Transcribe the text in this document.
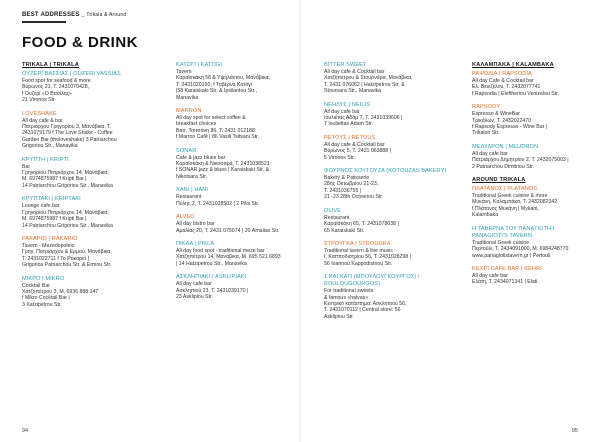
BEST ADDRESSES _ Trikala & Around
FOOD & DRINK
TRIKALA | TRIKALA
ΟΥΖΕΡΙ ΒΑΣΣΙΑΣ | OUZERI VASSIAS
Food spot for seafood & more
Βύρωνος 21, Τ. 2431070428,
f Ουζερί «Ο Βασίλης»
21 Vironos Str.
LOVESHAKE
All day cafe & bar
Πατριάρχου Γρηγορίου 3, Μανάβικα, Τ.
2431079179 f The Love Shake - Coffee
Garden Bar (theloveshake) 3 Patriarchou
Grigoriou Str., Manavika
ΚΡΥΠΤΗ | KRIPTI
Bar
Γρηγορίου Πατριάρχου 14, Μανάβικα,
Μ. 6974875987 f Kripti Bar |
14 Patriarchou Grigoriou Str., Manavika
ΚΡΥΠΤΑΚΙ | KRIPTAKI
Lounge cafe bar
Γρηγορίου Πατριάρχου 14, Μανάβικα,
Μ. 6974875987 f Kripti Bar |
14 Patriarchou Grigoriou Str., Manavika
ΡΑΚΑΡΙΟ | RAKARIO
Tavern - Mezedopoleio
Γρηγ. Πατριάρχου & Ερμού, Μανάβικα,
Τ. 2431022711 f Το Ρακαριό |
Grigoriou Patriarchou Str. & Ermou Str.
ΜΙΚΡΟ | MIKRO
Cocktail Bar
Χατζηπέτρου 3, Μ. 6936 888 147
f Mikro Cocktail Bar |
3 Xatzipetrou Str.
ΚΑΤΟΓΙ | KATOGI
Tavern
Καραϊσκάκη 58 & Υψηλάντου, Μανάβικα,
Τ. 2431020150, f Ταβέρνα Κατόγι
|58 Karaiskaki Str. & Ipsilantou Str.,
Manavika
MARRON
All day spot for select coffee &
breakfast choices
Βασ. Τσιτσάνη 86, Τ. 2431 012188
f Marron Café | 86 Vasili Tsitsani Str.
SONAR
Cafe & jazz blues bar
Καραϊσκάκη & Νικοσαρά, Τ. 2431038521
f SONAR jazz & blues | Karaiskaki Str. &
Nikotsara Str.
ΧΑΝΙ | HANI
Restaurant
Πύλης 2, Τ. 2431028502 | 2 Pilis Str.
ALVEO
All day bistro bar
Αμαλίας 20, Τ. 2431 075074 | 20 Amalias Str.
ΠΙΚΛΑ | PIKLA
All day food spot - traditional meze bar
Χατζηπέτρου 14, Μανάβικα, Μ. 695 521 6893
| 14 Hatzipetrou Str., Manavika
ΑΣΚΛΗΠΙΑΚΙ | ASKLIPIAKI
All day cafe bar
Ασκληπιού 23, Τ. 2431039170 |
23 Asklipiou Str.
BITTER SWEET
All day cafe & Cocktail bar
Χατζηπέτρου & Στουρνάρα, Μανάβικα,
Τ. 2431 076062 | Hatzipetrou Str. &
Stournara Str., Manavika
ΝΕΗΛΥΣ | NEILIS
All day cafe bar
Ιουλιέτας Αδάμ 7, Τ. 2431039606 |
7 Iouliettas Adam Str.
ΡΕΤΟΥΣ | RETOUS
All day cafe & Cocktail bar
Βύρωνος 5, Τ. 2431 063888 |
5 Vironos Str.
ΦΟΥΡΝΟΣ ΚΟΥΤΟΥΖΑ (KOTOUZAS BAKERY)
Bakery & Patisserie
28ης Οκτωβρίου 21-23,
Τ. 2431036755 |
21 -23 28th Octovriou Str.
OLIVE
Restaurant
Καραϊσκάκη 65, Τ. 2431078038 |
65 Karaiskaki Str.
ΣΤΡΟΥΓΚΑ | STROUGKA
Traditional tavern & live music
Ι. Καπποδιστρίου 56, Τ. 2431028298 |
56 Ioannou Kappodistriou Str.
1 ΚΑΙ ΚΑΤΙ (ΜΠΟΥΛΟΥΓΚΟΥΡΓΟΣ) / BOULOUGOURGOS)
For traditional sweets
& famous «halvas»
Κεντρικό κατάστημα: Ασκληπιού 56,
Τ. 2431070112 | Central store: 56
Asklipiou Str.
ΚΑΛΑΜΠΑΚΑ | KALAMBAKA
ΡΑΨΩΔΙΑ | RAPSODIA
All day Cafe & Cocktail bar
Ελ. Βενιζέλου, Τ. 2432077741
f Rapsodia | Eleftheriou Venizelou Str.
RAPSODY
Espresso & WineBar
Τρικάλων, Τ. 2432022470
f Rapsody Espresso - Wine Bar |
Trikalon Str.
ΜΕΛΥΔΡΟΝ | MEUDRON
All day cafe bar
Πατριάρχου Δημητρίου 2, Τ. 2432075003 |
2 Patriarchou Dimitriou Str.
AROUND TRIKALA
ΠΛΑΤΑΝΟΣ | PLATANOS
Traditional Greek cuisine & more
Μυκάνη, Καλαμπάκα, Τ. 2432082342
f Πλάτανος Μυκάνη | Mykani,
Kalambaka
Η ΤΑΒΕΡΝΑ ΤΟΥ ΠΑΝΑΓΙΩΤΗ | PANAGIOTI'S TAVERN
Traditional Greek cuisine
Περτούλι, Τ. 2434091000, Μ. 6984248770
www.panagiotistavern.gr | Pertouli
KEXPI CAFE BAR | KEHRI
All day cafe bar
Ελάτη, Τ. 2434071341 | Elati
94	95
